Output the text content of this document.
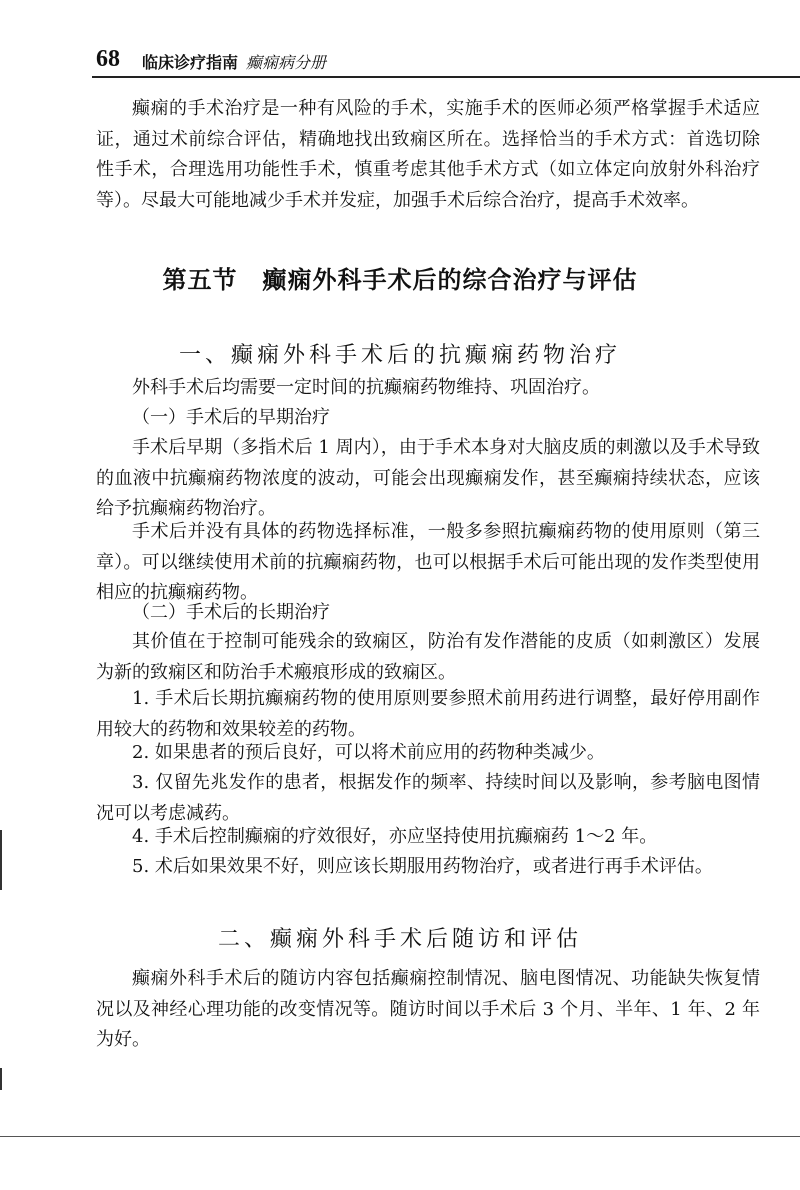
68 临床诊疗指南 癫痫病分册

癫痫的手术治疗是一种有风险的手术，实施手术的医师必须严格掌握手术适应证，通过术前综合评估，精确地找出致痫区所在。选择恰当的手术方式：首选切除性手术，合理选用功能性手术，慎重考虑其他手术方式（如立体定向放射外科治疗等）。尽最大可能地减少手术并发症，加强手术后综合治疗，提高手术效率。

第五节　癫痫外科手术后的综合治疗与评估
一、癫痫外科手术后的抗癫痫药物治疗

外科手术后均需要一定时间的抗癫痫药物维持、巩固治疗。

（一）手术后的早期治疗

手术后早期（多指术后 1 周内），由于手术本身对大脑皮质的刺激以及手术导致的血液中抗癫痫药物浓度的波动，可能会出现癫痫发作，甚至癫痫持续状态，应该给予抗癫痫药物治疗。

手术后并没有具体的药物选择标准，一般多参照抗癫痫药物的使用原则（第三章）。可以继续使用术前的抗癫痫药物，也可以根据手术后可能出现的发作类型使用相应的抗癫痫药物。

（二）手术后的长期治疗

其价值在于控制可能残余的致痫区，防治有发作潜能的皮质（如刺激区）发展为新的致痫区和防治手术瘢痕形成的致痫区。

1. 手术后长期抗癫痫药物的使用原则要参照术前用药进行调整，最好停用副作用较大的药物和效果较差的药物。

2. 如果患者的预后良好，可以将术前应用的药物种类减少。

3. 仅留先兆发作的患者，根据发作的频率、持续时间以及影响，参考脑电图情况可以考虑减药。

4. 手术后控制癫痫的疗效很好，亦应坚持使用抗癫痫药 1～2 年。

5. 术后如果效果不好，则应该长期服用药物治疗，或者进行再手术评估。

二、癫痫外科手术后随访和评估

癫痫外科手术后的随访内容包括癫痫控制情况、脑电图情况、功能缺失恢复情况以及神经心理功能的改变情况等。随访时间以手术后 3 个月、半年、1 年、2 年为好。
